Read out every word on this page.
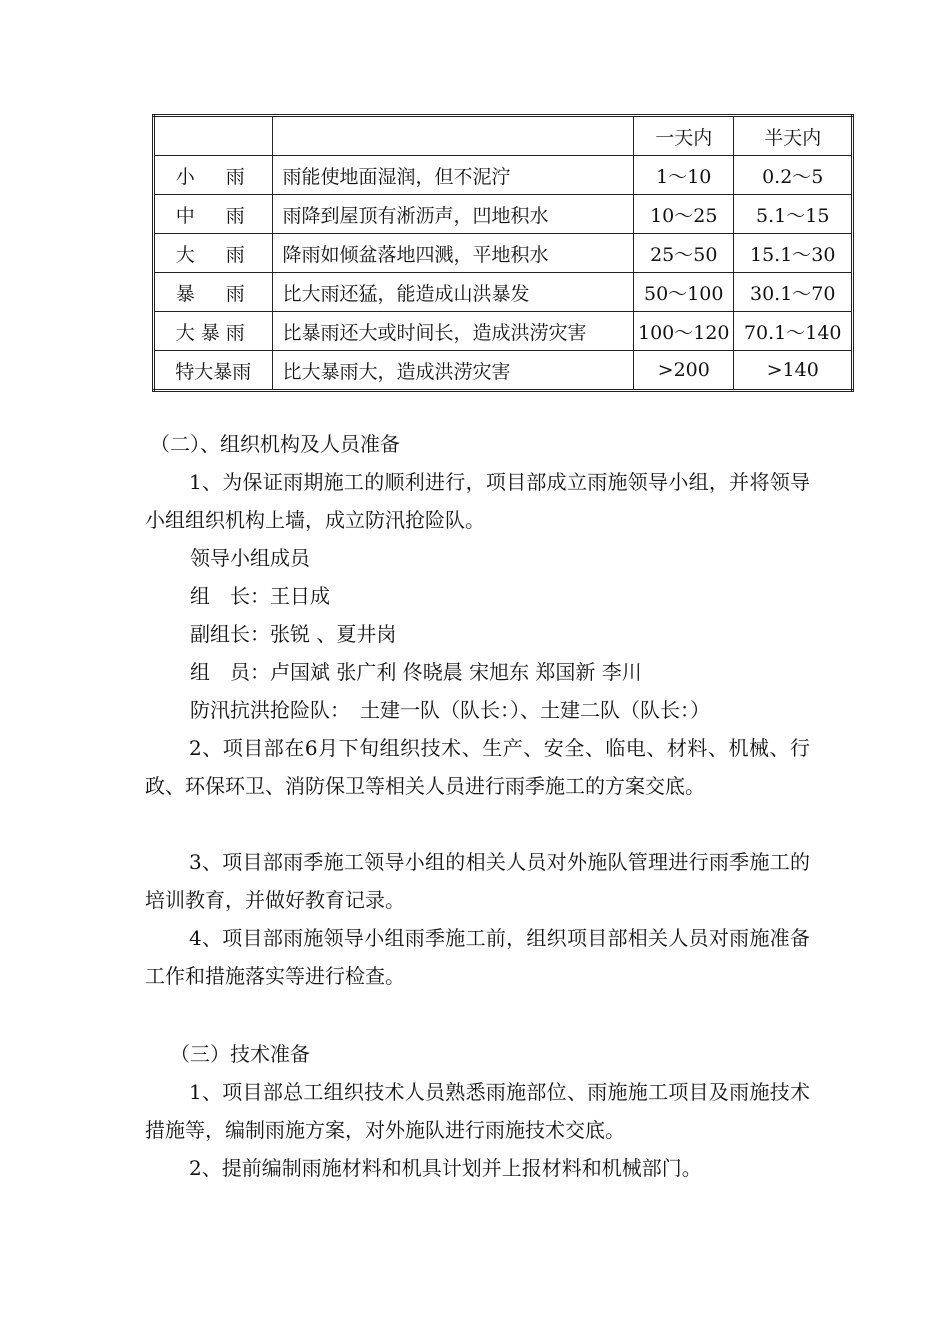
		一天内	半天内
小　雨	雨能使地面湿润，但不泥泞	1～10	0.2～5
中　雨	雨降到屋顶有淅沥声，凹地积水	10～25	5.1～15
大　雨	降雨如倾盆落地四溅，平地积水	25～50	15.1～30
暴　雨	比大雨还猛，能造成山洪暴发	50～100	30.1～70
大暴雨	比暴雨还大或时间长，造成洪涝灾害	100～120	70.1～140
特大暴雨	比大暴雨大，造成洪涝灾害	>200	>140
（二）、组织机构及人员准备
1、为保证雨期施工的顺利进行，项目部成立雨施领导小组，并将领导小组组织机构上墙，成立防汛抢险队。
领导小组成员
组　长：王日成
副组长：张锐 、夏井岗
组　员：卢国斌 张广利 佟晓晨 宋旭东 郑国新 李川
防汛抗洪抢险队：　土建一队（队长：）、土建二队（队长：）
2、项目部在6月下旬组织技术、生产、安全、临电、材料、机械、行政、环保环卫、消防保卫等相关人员进行雨季施工的方案交底。
3、项目部雨季施工领导小组的相关人员对外施队管理进行雨季施工的培训教育，并做好教育记录。
4、项目部雨施领导小组雨季施工前，组织项目部相关人员对雨施准备工作和措施落实等进行检查。
（三）技术准备
1、项目部总工组织技术人员熟悉雨施部位、雨施施工项目及雨施技术措施等，编制雨施方案，对外施队进行雨施技术交底。
2、提前编制雨施材料和机具计划并上报材料和机械部门。
